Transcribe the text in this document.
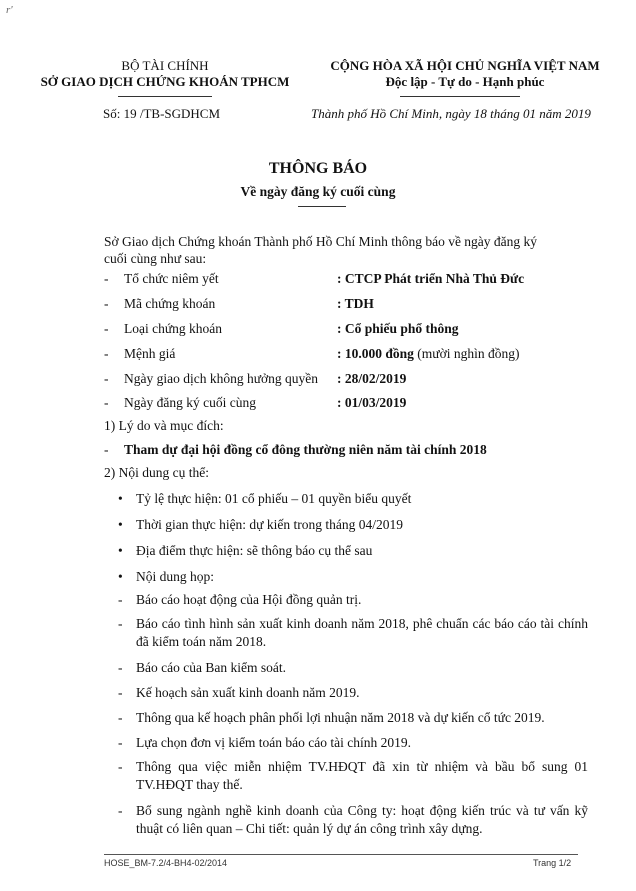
r'
BỘ TÀI CHÍNH
SỞ GIAO DỊCH CHỨNG KHOÁN TPHCM
Số: 19 /TB-SGDHCM
CỘNG HÒA XÃ HỘI CHỦ NGHĨA VIỆT NAM
Độc lập - Tự do - Hạnh phúc
Thành phố Hồ Chí Minh, ngày 18 tháng 01 năm 2019
THÔNG BÁO
Về ngày đăng ký cuối cùng
Sở Giao dịch Chứng khoán Thành phố Hồ Chí Minh thông báo về ngày đăng ký
cuối cùng như sau:
- Tổ chức niêm yết	: CTCP Phát triển Nhà Thủ Đức
- Mã chứng khoán	: TDH
- Loại chứng khoán	: Cổ phiếu phổ thông
- Mệnh giá	: 10.000 đồng (mười nghìn đồng)
- Ngày giao dịch không hưởng quyền : 28/02/2019
- Ngày đăng ký cuối cùng	: 01/03/2019
1) Lý do và mục đích:
- Tham dự đại hội đồng cổ đông thường niên năm tài chính 2018
2) Nội dung cụ thể:
• Tỷ lệ thực hiện: 01 cổ phiếu – 01 quyền biểu quyết
• Thời gian thực hiện: dự kiến trong tháng 04/2019
• Địa điểm thực hiện: sẽ thông báo cụ thể sau
• Nội dung họp:
- Báo cáo hoạt động của Hội đồng quản trị.
- Báo cáo tình hình sản xuất kinh doanh năm 2018, phê chuẩn các báo cáo tài chính đã kiểm toán năm 2018.
- Báo cáo của Ban kiểm soát.
- Kế hoạch sản xuất kinh doanh năm 2019.
- Thông qua kế hoạch phân phối lợi nhuận năm 2018 và dự kiến cổ tức 2019.
- Lựa chọn đơn vị kiểm toán báo cáo tài chính 2019.
- Thông qua việc miễn nhiệm TV.HĐQT đã xin từ nhiệm và bầu bổ sung 01 TV.HĐQT thay thế.
- Bổ sung ngành nghề kinh doanh của Công ty: hoạt động kiến trúc và tư vấn kỹ thuật có liên quan – Chi tiết: quản lý dự án công trình xây dựng.
HOSE_BM-7.2/4-BH4-02/2014	Trang 1/2
